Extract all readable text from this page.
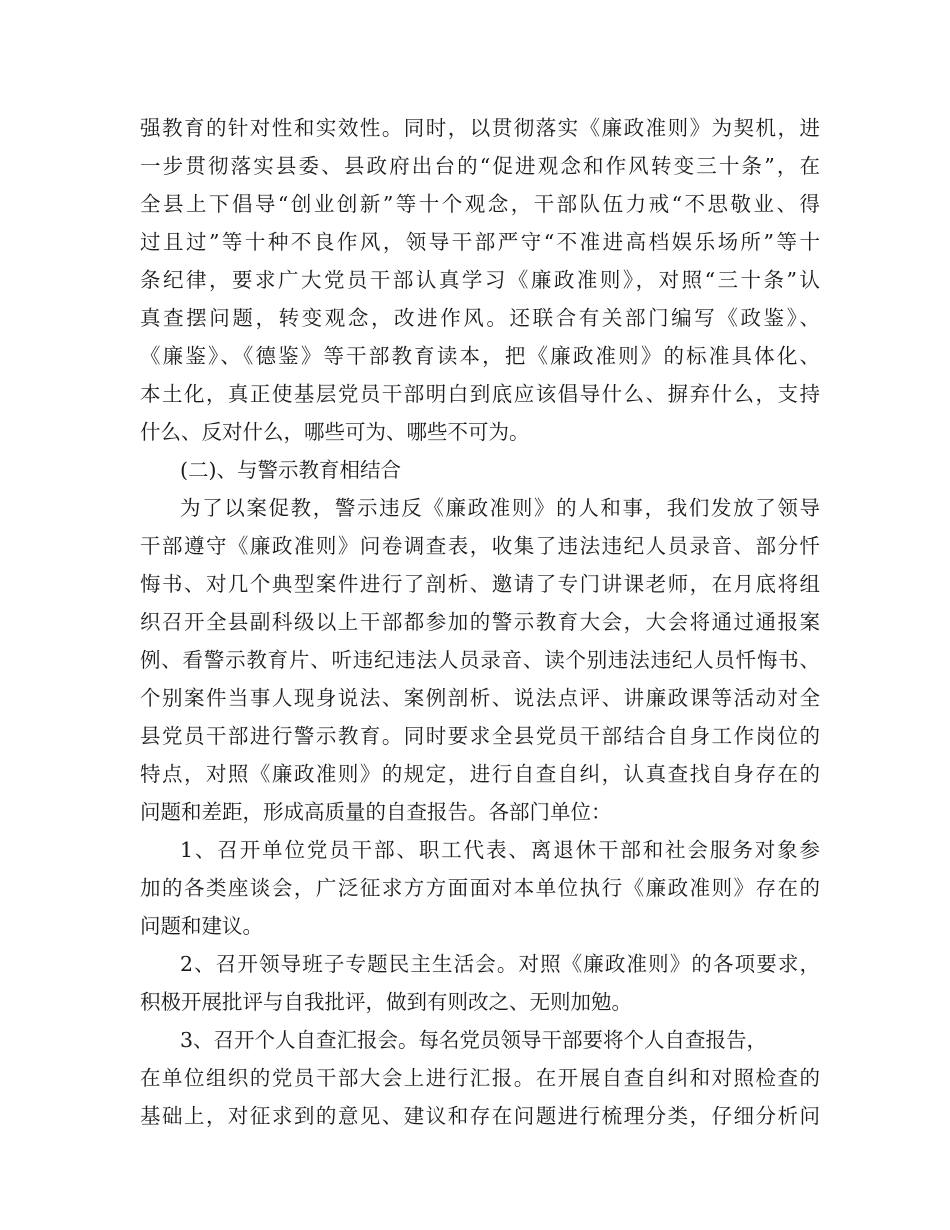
强教育的针对性和实效性。同时，以贯彻落实《廉政准则》为契机，进
一步贯彻落实县委、县政府出台的“促进观念和作风转变三十条”，在
全县上下倡导“创业创新”等十个观念，干部队伍力戒“不思敬业、得
过且过”等十种不良作风，领导干部严守“不准进高档娱乐场所”等十
条纪律，要求广大党员干部认真学习《廉政准则》，对照“三十条”认
真查摆问题，转变观念，改进作风。还联合有关部门编写《政鉴》、
《廉鉴》、《德鉴》等干部教育读本，把《廉政准则》的标准具体化、
本土化，真正使基层党员干部明白到底应该倡导什么、摒弃什么，支持
什么、反对什么，哪些可为、哪些不可为。
(二)、与警示教育相结合
为了以案促教，警示违反《廉政准则》的人和事，我们发放了领导
干部遵守《廉政准则》问卷调查表，收集了违法违纪人员录音、部分忏
悔书、对几个典型案件进行了剖析、邀请了专门讲课老师，在月底将组
织召开全县副科级以上干部都参加的警示教育大会，大会将通过通报案
例、看警示教育片、听违纪违法人员录音、读个别违法违纪人员忏悔书、
个别案件当事人现身说法、案例剖析、说法点评、讲廉政课等活动对全
县党员干部进行警示教育。同时要求全县党员干部结合自身工作岗位的
特点，对照《廉政准则》的规定，进行自查自纠，认真查找自身存在的
问题和差距，形成高质量的自查报告。各部门单位：
1、召开单位党员干部、职工代表、离退休干部和社会服务对象参
加的各类座谈会，广泛征求方方面面对本单位执行《廉政准则》存在的
问题和建议。
2、召开领导班子专题民主生活会。对照《廉政准则》的各项要求，
积极开展批评与自我批评，做到有则改之、无则加勉。
3、召开个人自查汇报会。每名党员领导干部要将个人自查报告，
在单位组织的党员干部大会上进行汇报。在开展自查自纠和对照检查的
基础上，对征求到的意见、建议和存在问题进行梳理分类，仔细分析问
